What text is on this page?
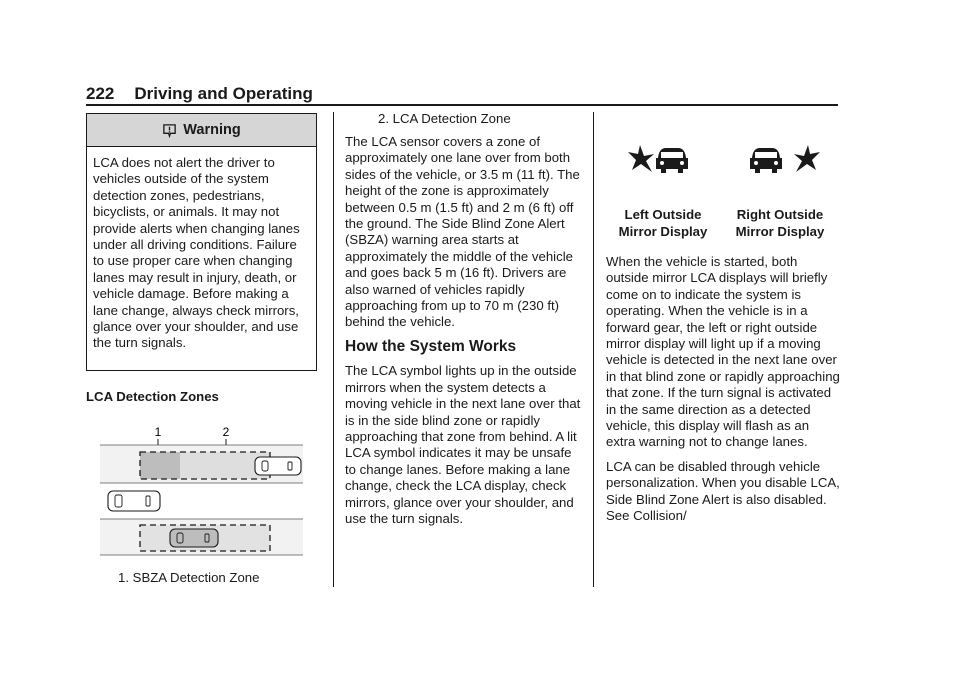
222 Driving and Operating
Warning
LCA does not alert the driver to vehicles outside of the system detection zones, pedestrians, bicyclists, or animals. It may not provide alerts when changing lanes under all driving conditions. Failure to use proper care when changing lanes may result in injury, death, or vehicle damage. Before making a lane change, always check mirrors, glance over your shoulder, and use the turn signals.
LCA Detection Zones
1	2
1. SBZA Detection Zone
2. LCA Detection Zone

The LCA sensor covers a zone of approximately one lane over from both sides of the vehicle, or 3.5 m (11 ft). The height of the zone is approximately between 0.5 m (1.5 ft) and 2 m (6 ft) off the ground. The Side Blind Zone Alert (SBZA) warning area starts at approximately the middle of the vehicle and goes back 5 m (16 ft). Drivers are also warned of vehicles rapidly approaching from up to 70 m (230 ft) behind the vehicle.

How the System Works

The LCA symbol lights up in the outside mirrors when the system detects a moving vehicle in the next lane over that is in the side blind zone or rapidly approaching that zone from behind. A lit LCA symbol indicates it may be unsafe to change lanes. Before making a lane change, check the LCA display, check mirrors, glance over your shoulder, and use the turn signals.

Left Outside Mirror Display
Right Outside Mirror Display

When the vehicle is started, both outside mirror LCA displays will briefly come on to indicate the system is operating. When the vehicle is in a forward gear, the left or right outside mirror display will light up if a moving vehicle is detected in the next lane over in that blind zone or rapidly approaching that zone. If the turn signal is activated in the same direction as a detected vehicle, this display will flash as an extra warning not to change lanes.

LCA can be disabled through vehicle personalization. When you disable LCA, Side Blind Zone Alert is also disabled. See Collision/
